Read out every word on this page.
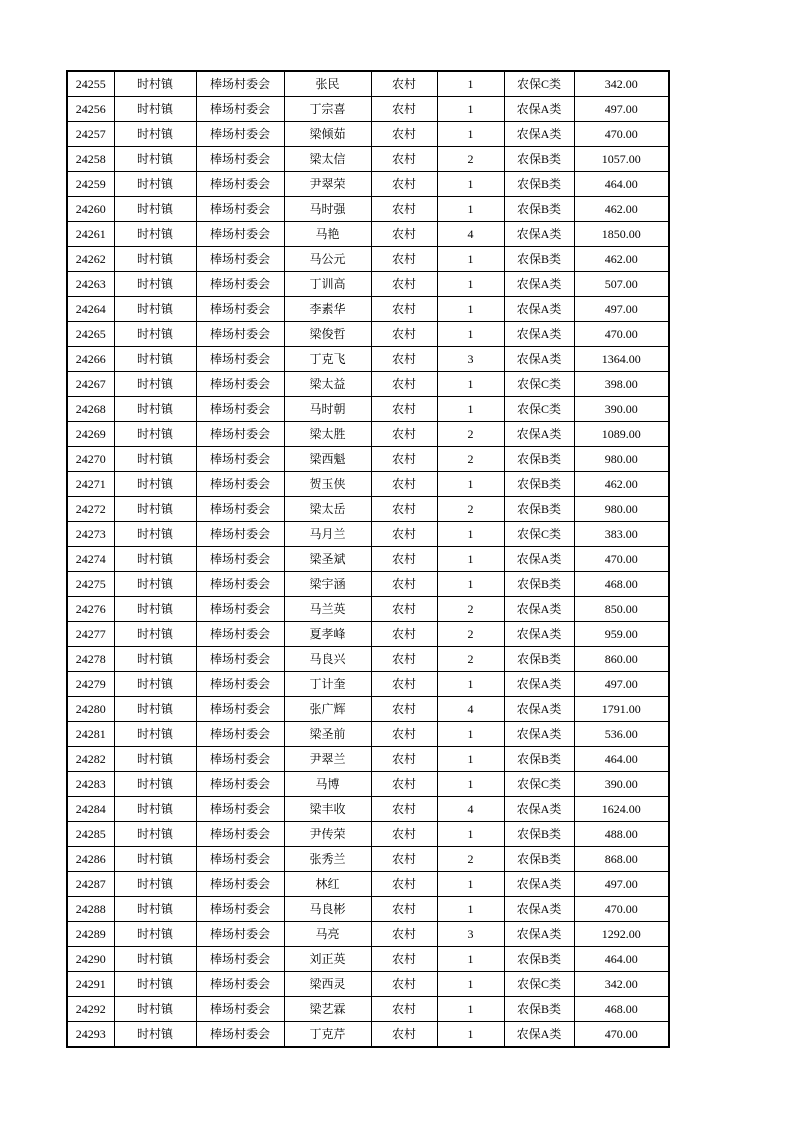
24255	时村镇	棒场村委会	张民	农村	1	农保C类	342.00
24256	时村镇	棒场村委会	丁宗喜	农村	1	农保A类	497.00
24257	时村镇	棒场村委会	梁倾茹	农村	1	农保A类	470.00
24258	时村镇	棒场村委会	梁太信	农村	2	农保B类	1057.00
24259	时村镇	棒场村委会	尹翠荣	农村	1	农保B类	464.00
24260	时村镇	棒场村委会	马时强	农村	1	农保B类	462.00
24261	时村镇	棒场村委会	马艳	农村	4	农保A类	1850.00
24262	时村镇	棒场村委会	马公元	农村	1	农保B类	462.00
24263	时村镇	棒场村委会	丁训高	农村	1	农保A类	507.00
24264	时村镇	棒场村委会	李素华	农村	1	农保A类	497.00
24265	时村镇	棒场村委会	梁俊哲	农村	1	农保A类	470.00
24266	时村镇	棒场村委会	丁克飞	农村	3	农保A类	1364.00
24267	时村镇	棒场村委会	梁太益	农村	1	农保C类	398.00
24268	时村镇	棒场村委会	马时朝	农村	1	农保C类	390.00
24269	时村镇	棒场村委会	梁太胜	农村	2	农保A类	1089.00
24270	时村镇	棒场村委会	梁西魁	农村	2	农保B类	980.00
24271	时村镇	棒场村委会	贺玉侠	农村	1	农保B类	462.00
24272	时村镇	棒场村委会	梁太岳	农村	2	农保B类	980.00
24273	时村镇	棒场村委会	马月兰	农村	1	农保C类	383.00
24274	时村镇	棒场村委会	梁圣斌	农村	1	农保A类	470.00
24275	时村镇	棒场村委会	梁宇涵	农村	1	农保B类	468.00
24276	时村镇	棒场村委会	马兰英	农村	2	农保A类	850.00
24277	时村镇	棒场村委会	夏孝峰	农村	2	农保A类	959.00
24278	时村镇	棒场村委会	马良兴	农村	2	农保B类	860.00
24279	时村镇	棒场村委会	丁计奎	农村	1	农保A类	497.00
24280	时村镇	棒场村委会	张广辉	农村	4	农保A类	1791.00
24281	时村镇	棒场村委会	梁圣前	农村	1	农保A类	536.00
24282	时村镇	棒场村委会	尹翠兰	农村	1	农保B类	464.00
24283	时村镇	棒场村委会	马博	农村	1	农保C类	390.00
24284	时村镇	棒场村委会	梁丰收	农村	4	农保A类	1624.00
24285	时村镇	棒场村委会	尹传荣	农村	1	农保B类	488.00
24286	时村镇	棒场村委会	张秀兰	农村	2	农保B类	868.00
24287	时村镇	棒场村委会	林红	农村	1	农保A类	497.00
24288	时村镇	棒场村委会	马良彬	农村	1	农保A类	470.00
24289	时村镇	棒场村委会	马亮	农村	3	农保A类	1292.00
24290	时村镇	棒场村委会	刘正英	农村	1	农保B类	464.00
24291	时村镇	棒场村委会	梁西灵	农村	1	农保C类	342.00
24292	时村镇	棒场村委会	梁艺霖	农村	1	农保B类	468.00
24293	时村镇	棒场村委会	丁克芹	农村	1	农保A类	470.00
